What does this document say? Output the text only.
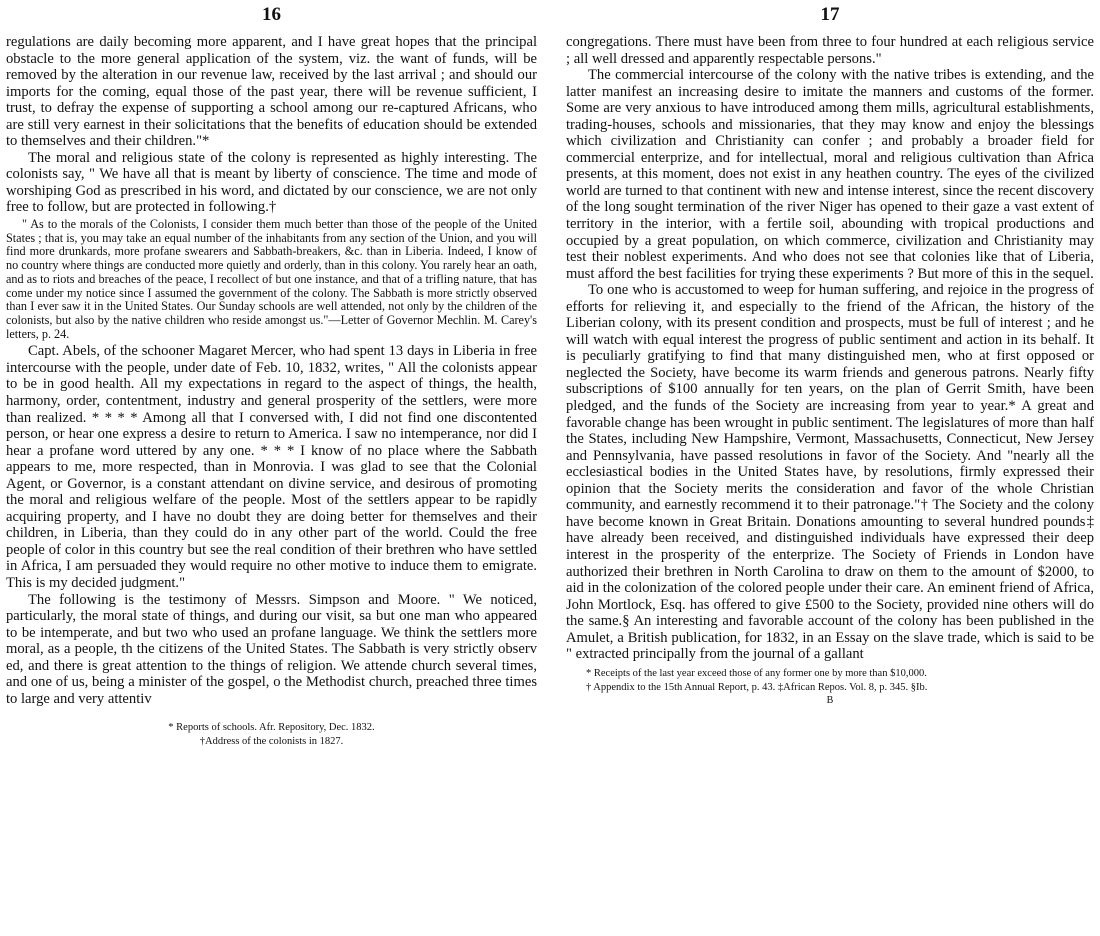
16

regulations are daily becoming more apparent, and I have great hopes that the principal obstacle to the more general application of the system, viz. the want of funds, will be removed by the alteration in our revenue law, received by the last arrival ; and should our imports for the coming, equal those of the past year, there will be revenue sufficient, I trust, to defray the expense of supporting a school among our re-captured Africans, who are still very earnest in their solicitations that the benefits of education should be extended to themselves and their children."*

The moral and religious state of the colony is represented as highly interesting. The colonists say, " We have all that is meant by liberty of conscience. The time and mode of worshiping God as prescribed in his word, and dictated by our conscience, we are not only free to follow, but are protected in following.†

" As to the morals of the Colonists, I consider them much better than those of the people of the United States ; that is, you may take an equal number of the inhabitants from any section of the Union, and you will find more drunkards, more profane swearers and Sabbath-breakers, &c. than in Liberia. Indeed, I know of no country where things are conducted more quietly and orderly, than in this colony. You rarely hear an oath, and as to riots and breaches of the peace, I recollect of but one instance, and that of a trifling nature, that has come under my notice since I assumed the government of the colony. The Sabbath is more strictly observed than I ever saw it in the United States. Our Sunday schools are well attended, not only by the children of the colonists, but also by the native children who reside amongst us."—Letter of Governor Mechlin. M. Carey's letters, p. 24.

Capt. Abels, of the schooner Magaret Mercer, who had spent 13 days in Liberia in free intercourse with the people, under date of Feb. 10, 1832, writes, " All the colonists appear to be in good health. All my expectations in regard to the aspect of things, the health, harmony, order, contentment, industry and general prosperity of the settlers, were more than realized. * * * * Among all that I conversed with, I did not find one discontented person, or hear one express a desire to return to America. I saw no intemperance, nor did I hear a profane word uttered by any one. * * * I know of no place where the Sabbath appears to me, more respected, than in Monrovia. I was glad to see that the Colonial Agent, or Governor, is a constant attendant on divine service, and desirous of promoting the moral and religious welfare of the people. Most of the settlers appear to be rapidly acquiring property, and I have no doubt they are doing better for themselves and their children, in Liberia, than they could do in any other part of the world. Could the free people of color in this country but see the real condition of their brethren who have settled in Africa, I am persuaded they would require no other motive to induce them to emigrate. This is my decided judgment."

The following is the testimony of Messrs. Simpson and Moore. " We noticed, particularly, the moral state of things, and during our visit, sa but one man who appeared to be intemperate, and but two who used an profane language. We think the settlers more moral, as a people, th the citizens of the United States. The Sabbath is very strictly observ ed, and there is great attention to the things of religion. We attende church several times, and one of us, being a minister of the gospel, o the Methodist church, preached three times to large and very attentiv

* Reports of schools. Afr. Repository, Dec. 1832.

†Address of the colonists in 1827.

17

congregations. There must have been from three to four hundred at each religious service ; all well dressed and apparently respectable persons."

The commercial intercourse of the colony with the native tribes is extending, and the latter manifest an increasing desire to imitate the manners and customs of the former. Some are very anxious to have introduced among them mills, agricultural establishments, trading-houses, schools and missionaries, that they may know and enjoy the blessings which civilization and Christianity can confer ; and probably a broader field for commercial enterprize, and for intellectual, moral and religious cultivation than Africa presents, at this moment, does not exist in any heathen country. The eyes of the civilized world are turned to that continent with new and intense interest, since the recent discovery of the long sought termination of the river Niger has opened to their gaze a vast extent of territory in the interior, with a fertile soil, abounding with tropical productions and occupied by a great population, on which commerce, civilization and Christianity may test their noblest experiments. And who does not see that colonies like that of Liberia, must afford the best facilities for trying these experiments ? But more of this in the sequel.

To one who is accustomed to weep for human suffering, and rejoice in the progress of efforts for relieving it, and especially to the friend of the African, the history of the Liberian colony, with its present condition and prospects, must be full of interest ; and he will watch with equal interest the progress of public sentiment and action in its behalf. It is peculiarly gratifying to find that many distinguished men, who at first opposed or neglected the Society, have become its warm friends and generous patrons. Nearly fifty subscriptions of $100 annually for ten years, on the plan of Gerrit Smith, have been pledged, and the funds of the Society are increasing from year to year.* A great and favorable change has been wrought in public sentiment. The legislatures of more than half the States, including New Hampshire, Vermont, Massachusetts, Connecticut, New Jersey and Pennsylvania, have passed resolutions in favor of the Society. And "nearly all the ecclesiastical bodies in the United States have, by resolutions, firmly expressed their opinion that the Society merits the consideration and favor of the whole Christian community, and earnestly recommend it to their patronage."† The Society and the colony have become known in Great Britain. Donations amounting to several hundred pounds‡ have already been received, and distinguished individuals have expressed their deep interest in the prosperity of the enterprize. The Society of Friends in London have authorized their brethren in North Carolina to draw on them to the amount of $2000, to aid in the colonization of the colored people under their care. An eminent friend of Africa, John Mortlock, Esq. has offered to give £500 to the Society, provided nine others will do the same.§ An interesting and favorable account of the colony has been published in the Amulet, a British publication, for 1832, in an Essay on the slave trade, which is said to be " extracted principally from the journal of a gallant

* Receipts of the last year exceed those of any former one by more than $10,000.

† Appendix to the 15th Annual Report, p. 43. ‡African Repos. Vol. 8, p. 345. §Ib.

B
